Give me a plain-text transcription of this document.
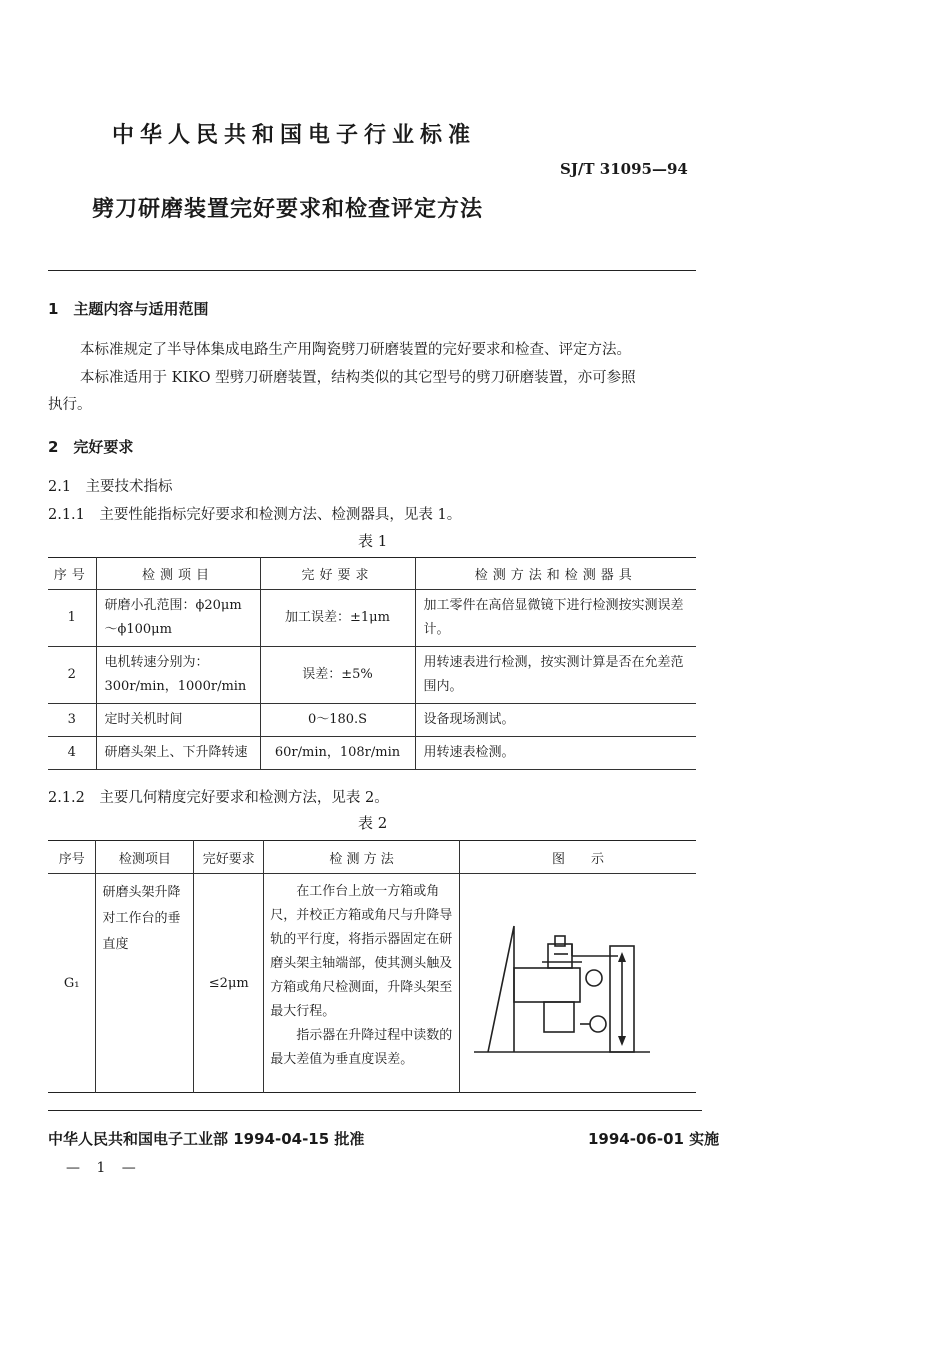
中华人民共和国电子行业标准
SJ/T 31095—94
劈刀研磨装置完好要求和检查评定方法
1　主题内容与适用范围
本标准规定了半导体集成电路生产用陶瓷劈刀研磨装置的完好要求和检查、评定方法。
本标准适用于 KIKO 型劈刀研磨装置，结构类似的其它型号的劈刀研磨装置，亦可参照
执行。
2　完好要求
2.1　主要技术指标
2.1.1　主要性能指标完好要求和检测方法、检测器具，见表 1。
表 1
序号	检测项目	完好要求	检测方法和检测器具
1	研磨小孔范围：ϕ20μm～ϕ100μm	加工误差：±1μm	加工零件在高倍显微镜下进行检测按实测误差计。
2	电机转速分别为：300r/min，1000r/min	误差：±5%	用转速表进行检测，按实测计算是否在允差范围内。
3	定时关机时间	0～180.S	设备现场测试。
4	研磨头架上、下升降转速	60r/min，108r/min	用转速表检测。
2.1.2　主要几何精度完好要求和检测方法，见表 2。
表 2
序号	检测项目	完好要求	检 测 方 法	图　　示
G₁	研磨头架升降对工作台的垂直度	≤2μm	在工作台上放一方箱或角尺，并校正方箱或角尺与升降导轨的平行度，将指示器固定在研磨头架主轴端部，使其测头触及方箱或角尺检测面，升降头架至最大行程。
指示器在升降过程中读数的最大差值为垂直度误差。

中华人民共和国电子工业部 1994-04-15 批准	1994-06-01 实施
— 1 —
